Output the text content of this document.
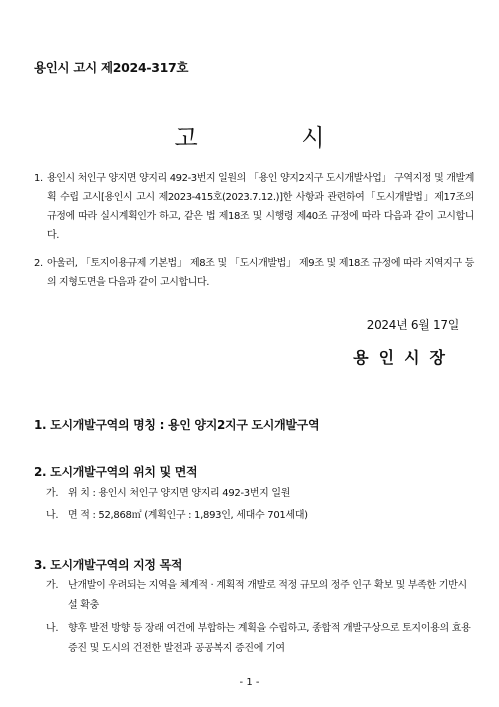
용인시 고시 제2024-317호
고 시
1. 용인시 처인구 양지면 양지리 492-3번지 일원의 「용인 양지2지구 도시개발사업」 구역지정 및 개발계획 수립 고시[용인시 고시 제2023-415호(2023.7.12.)]한 사항과 관련하여「도시개발법」제17조의 규정에 따라 실시계획인가 하고, 같은 법 제18조 및 시행령 제40조 규정에 따라 다음과 같이 고시합니다.
2. 아울러, 「토지이용규제 기본법」 제8조 및 「도시개발법」 제9조 및 제18조 규정에 따라 지역지구 등의 지형도면을 다음과 같이 고시합니다.
2024년 6월 17일
용인시장
1. 도시개발구역의 명칭 : 용인 양지2지구 도시개발구역
2. 도시개발구역의 위치 및 면적
가. 위 치 : 용인시 처인구 양지면 양지리 492-3번지 일원
나. 면 적 : 52,868㎡ (계획인구 : 1,893인, 세대수 701세대)
3. 도시개발구역의 지정 목적
가. 난개발이 우려되는 지역을 체계적 · 계획적 개발로 적정 규모의 정주 인구 확보 및 부족한 기반시설 확충
나. 향후 발전 방향 등 장래 여건에 부합하는 계획을 수립하고, 종합적 개발구상으로 토지이용의 효용증진 및 도시의 건전한 발전과 공공복지 증진에 기여
- 1 -
